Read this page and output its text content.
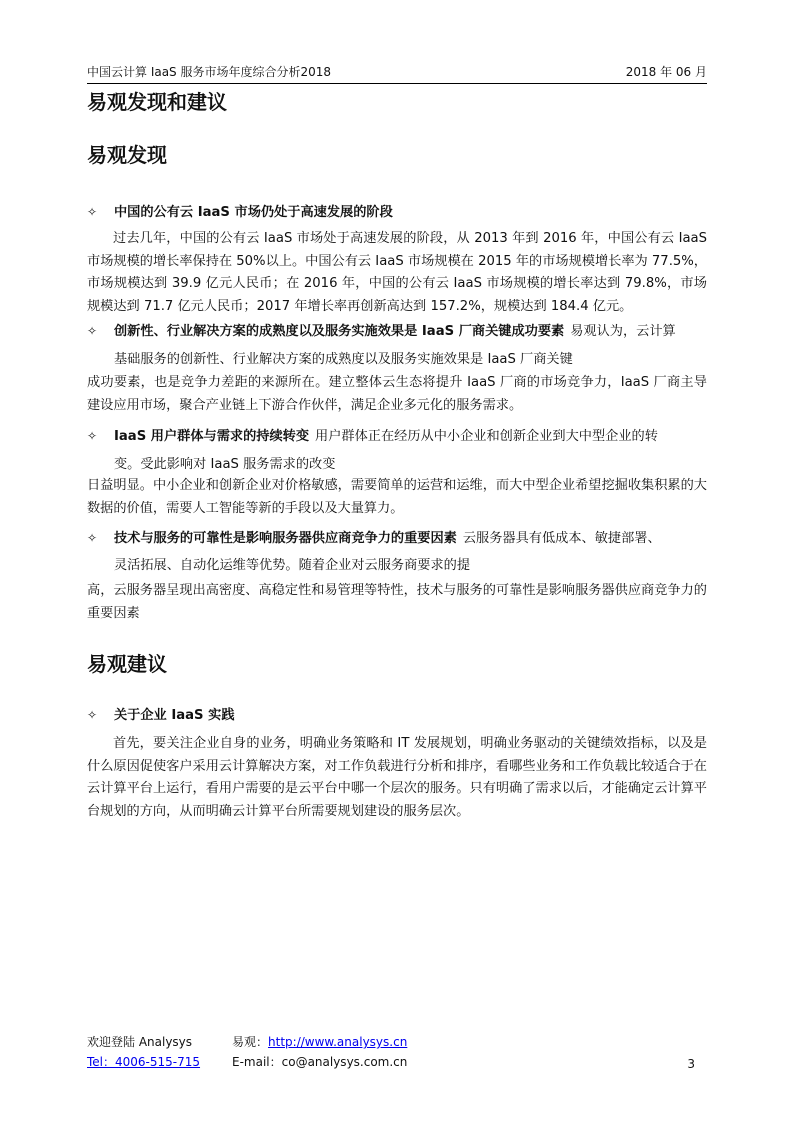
中国云计算 IaaS 服务市场年度综合分析2018	2018 年 06 月
易观发现和建议
易观发现
✧ 中国的公有云 IaaS 市场仍处于高速发展的阶段

过去几年，中国的公有云 IaaS 市场处于高速发展的阶段，从 2013 年到 2016 年，中国公有云 IaaS 市场规模的增长率保持在 50%以上。中国公有云 IaaS 市场规模在 2015 年的市场规模增长率为 77.5%，市场规模达到 39.9 亿元人民币；在 2016 年，中国的公有云 IaaS 市场规模的增长率达到 79.8%，市场规模达到 71.7 亿元人民币；2017 年增长率再创新高达到 157.2%，规模达到 184.4 亿元。

✧ 创新性、行业解决方案的成熟度以及服务实施效果是 IaaS 厂商关键成功要素 易观认为，云计算
基础服务的创新性、行业解决方案的成熟度以及服务实施效果是 IaaS 厂商关键

成功要素，也是竞争力差距的来源所在。建立整体云生态将提升 IaaS 厂商的市场竞争力，IaaS 厂商主导建设应用市场，聚合产业链上下游合作伙伴，满足企业多元化的服务需求。

✧ IaaS 用户群体与需求的持续转变 用户群体正在经历从中小企业和创新企业到大中型企业的转
变。受此影响对 IaaS 服务需求的改变

日益明显。中小企业和创新企业对价格敏感，需要简单的运营和运维，而大中型企业希望挖掘收集积累的大数据的价值，需要人工智能等新的手段以及大量算力。

✧ 技术与服务的可靠性是影响服务器供应商竞争力的重要因素 云服务器具有低成本、敏捷部署、
灵活拓展、自动化运维等优势。随着企业对云服务商要求的提

高，云服务器呈现出高密度、高稳定性和易管理等特性，技术与服务的可靠性是影响服务器供应商竞争力的重要因素

易观建议
✧ 关于企业 IaaS 实践

首先，要关注企业自身的业务，明确业务策略和 IT 发展规划，明确业务驱动的关键绩效指标，以及是什么原因促使客户采用云计算解决方案，对工作负载进行分析和排序，看哪些业务和工作负载比较适合于在云计算平台上运行，看用户需要的是云平台中哪一个层次的服务。只有明确了需求以后，才能确定云计算平台规划的方向，从而明确云计算平台所需要规划建设的服务层次。

欢迎登陆 Analysys	易观：http://www.analysys.cn
Tel：4006-515-715	E-mail：co@analysys.com.cn	3
